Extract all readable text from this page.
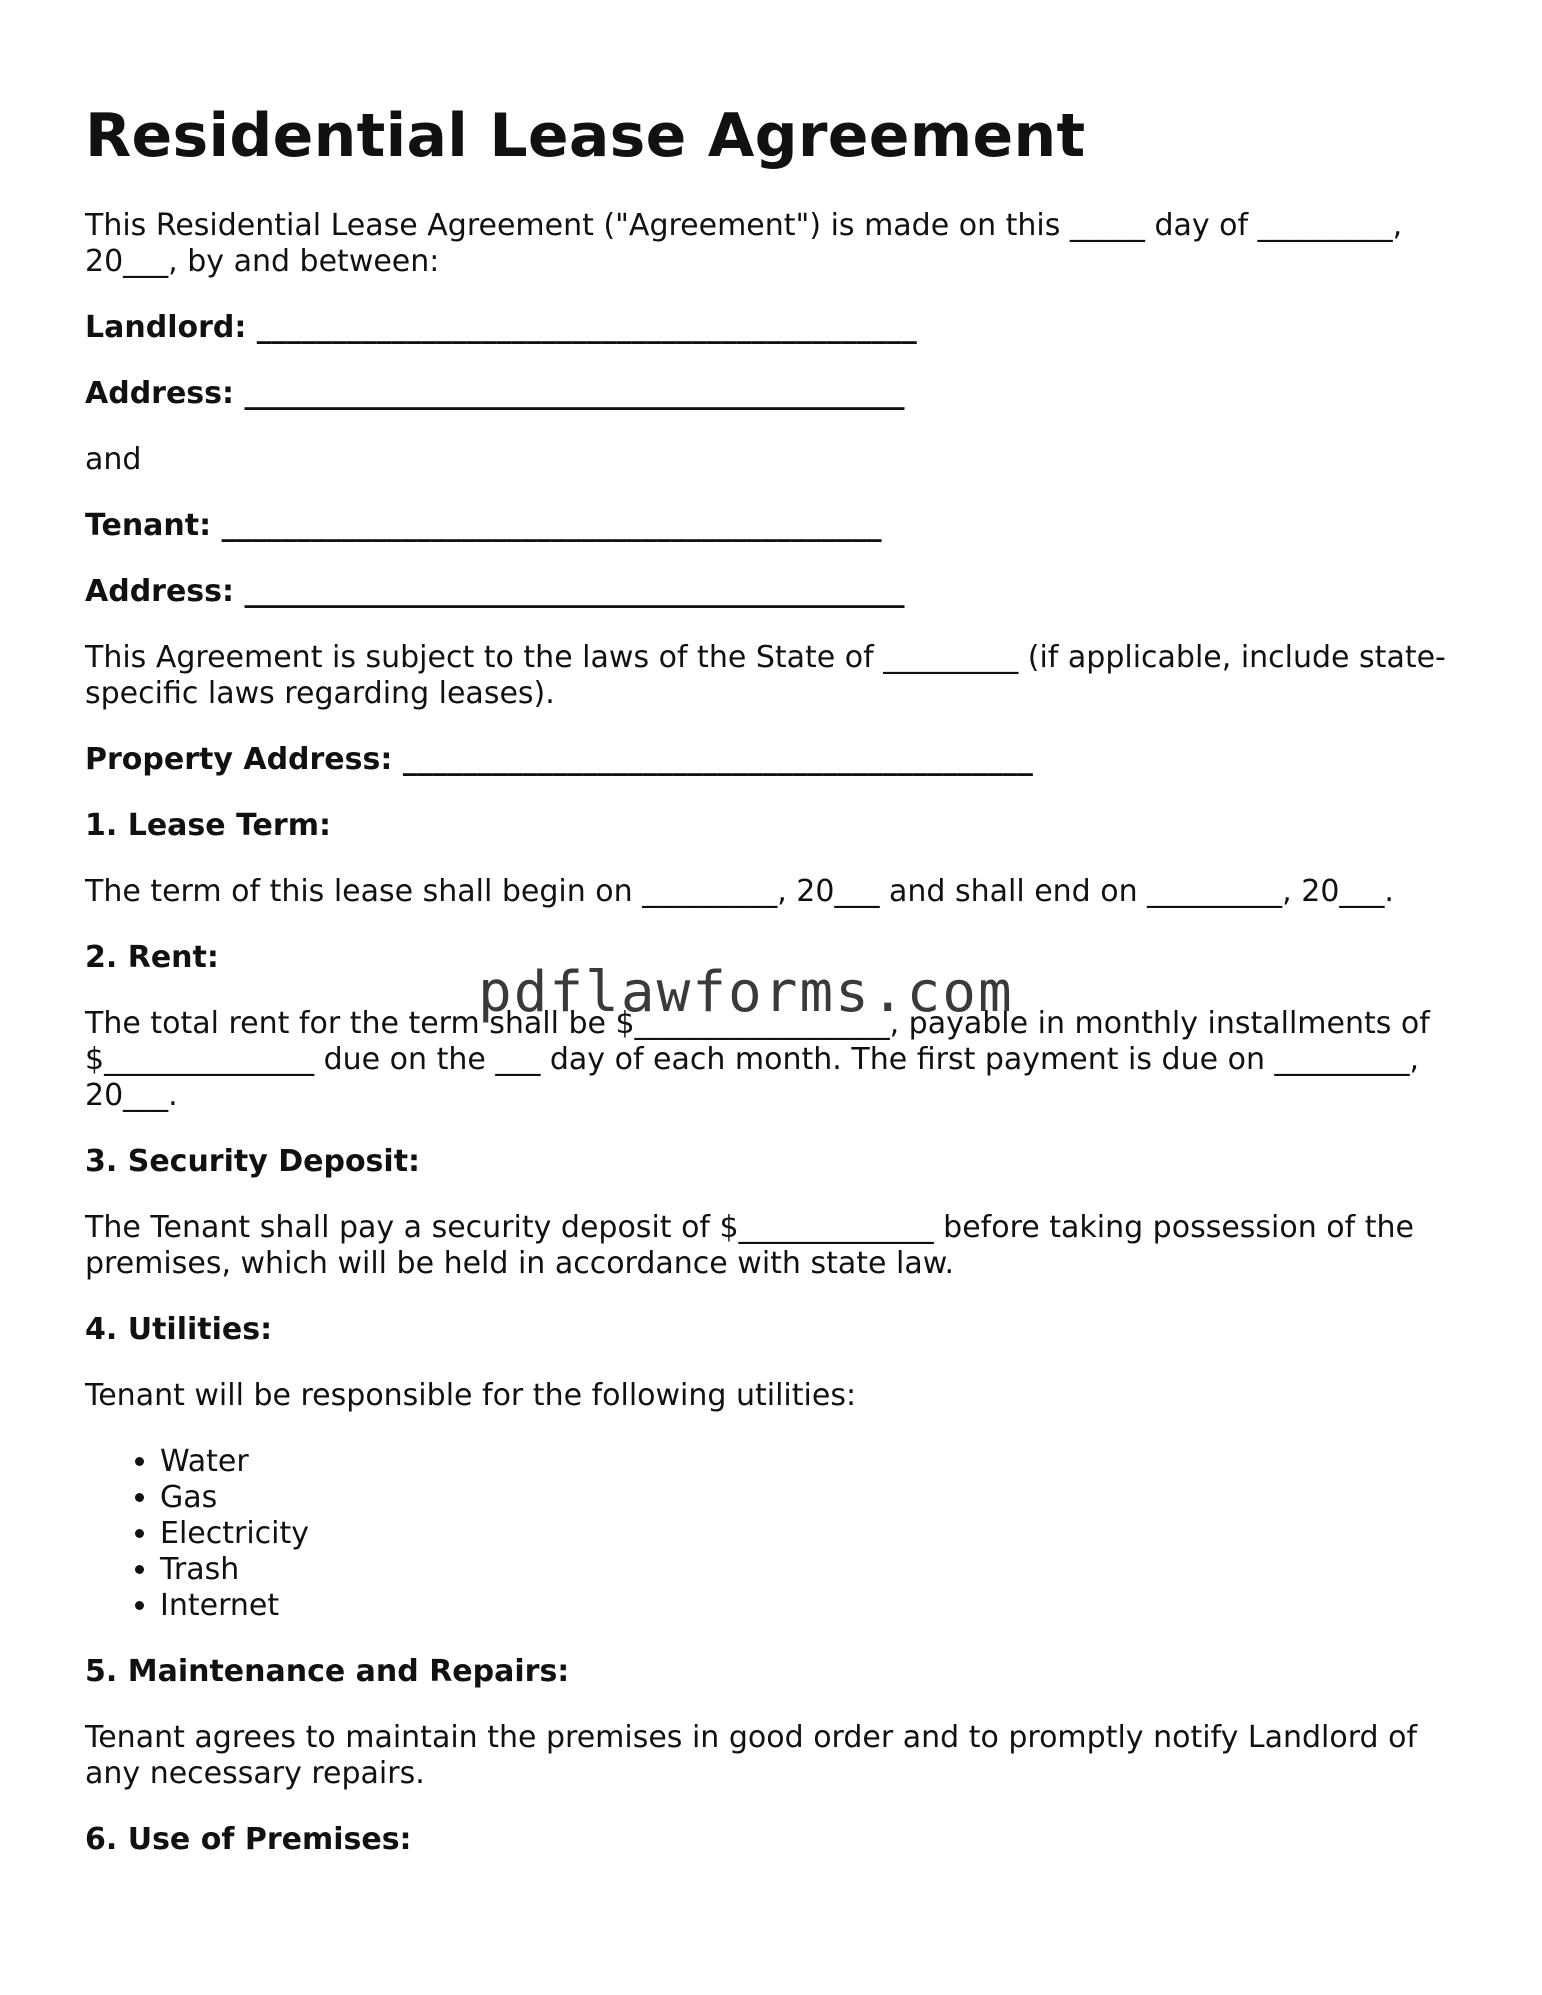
Residential Lease Agreement

This Residential Lease Agreement ("Agreement") is made on this _____ day of _________, 20___, by and between:

Landlord: ____________________________________________

Address: ____________________________________________

and

Tenant: ____________________________________________

Address: ____________________________________________

This Agreement is subject to the laws of the State of _________ (if applicable, include state-specific laws regarding leases).

Property Address: __________________________________________

1. Lease Term:

The term of this lease shall begin on _________, 20___ and shall end on _________, 20___.

2. Rent:

The total rent for the term shall be $_________________, payable in monthly installments of $______________ due on the ___ day of each month. The first payment is due on _________, 20___.

3. Security Deposit:

The Tenant shall pay a security deposit of $_____________ before taking possession of the premises, which will be held in accordance with state law.

4. Utilities:

Tenant will be responsible for the following utilities:

• Water
• Gas
• Electricity
• Trash
• Internet

5. Maintenance and Repairs:

Tenant agrees to maintain the premises in good order and to promptly notify Landlord of any necessary repairs.

6. Use of Premises:

pdflawforms.com
